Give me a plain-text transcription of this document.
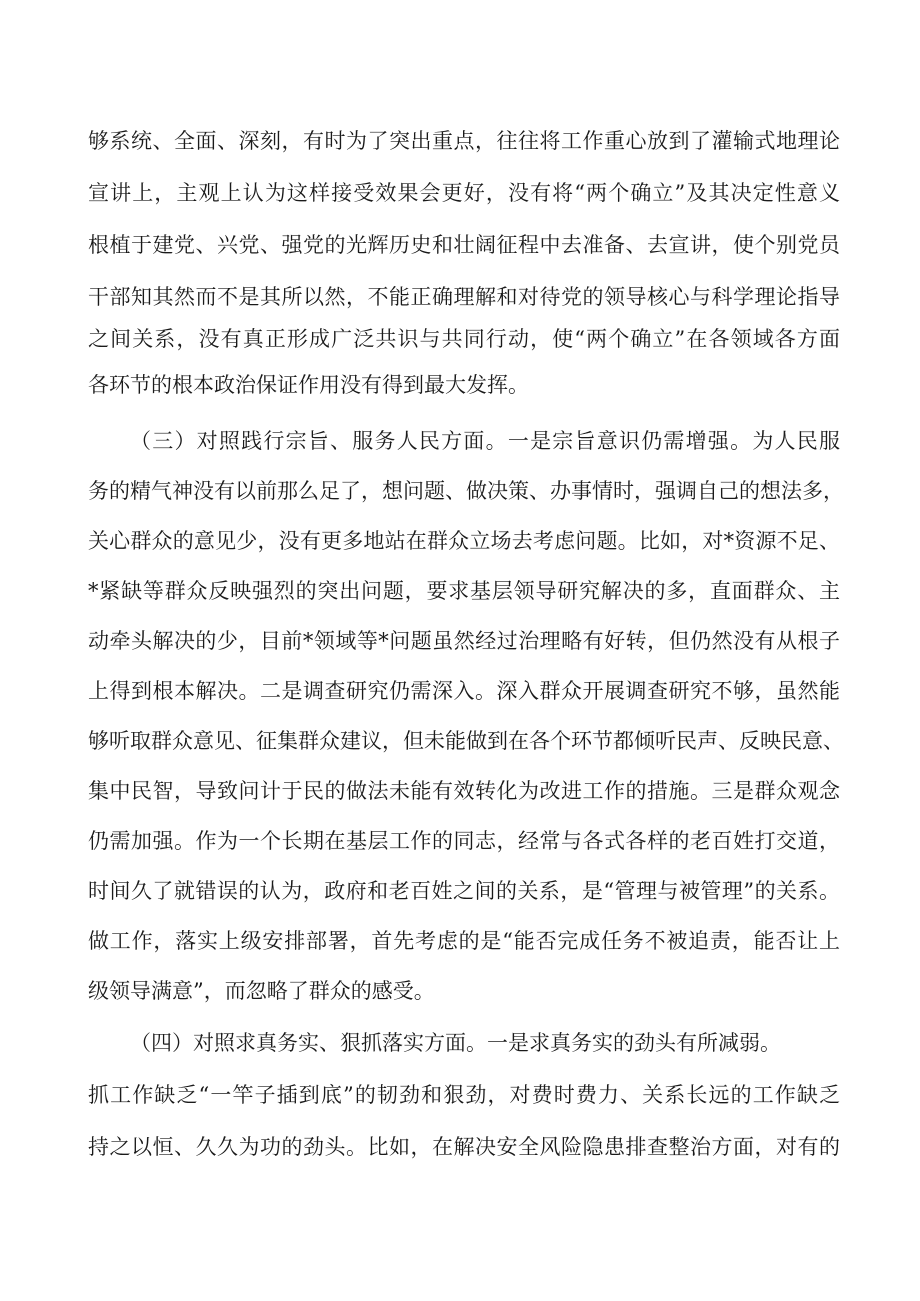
够系统、全面、深刻，有时为了突出重点，往往将工作重心放到了灌输式地理论
宣讲上，主观上认为这样接受效果会更好，没有将“两个确立”及其决定性意义
根植于建党、兴党、强党的光辉历史和壮阔征程中去准备、去宣讲，使个别党员
干部知其然而不是其所以然，不能正确理解和对待党的领导核心与科学理论指导
之间关系，没有真正形成广泛共识与共同行动，使“两个确立”在各领域各方面
各环节的根本政治保证作用没有得到最大发挥。
（三）对照践行宗旨、服务人民方面。一是宗旨意识仍需增强。为人民服
务的精气神没有以前那么足了，想问题、做决策、办事情时，强调自己的想法多，
关心群众的意见少，没有更多地站在群众立场去考虑问题。比如，对*资源不足、
*紧缺等群众反映强烈的突出问题，要求基层领导研究解决的多，直面群众、主
动牵头解决的少，目前*领域等*问题虽然经过治理略有好转，但仍然没有从根子
上得到根本解决。二是调查研究仍需深入。深入群众开展调查研究不够，虽然能
够听取群众意见、征集群众建议，但未能做到在各个环节都倾听民声、反映民意、
集中民智，导致问计于民的做法未能有效转化为改进工作的措施。三是群众观念
仍需加强。作为一个长期在基层工作的同志，经常与各式各样的老百姓打交道，
时间久了就错误的认为，政府和老百姓之间的关系，是“管理与被管理”的关系。
做工作，落实上级安排部署，首先考虑的是“能否完成任务不被追责，能否让上
级领导满意”，而忽略了群众的感受。
（四）对照求真务实、狠抓落实方面。一是求真务实的劲头有所减弱。
抓工作缺乏“一竿子插到底”的韧劲和狠劲，对费时费力、关系长远的工作缺乏
持之以恒、久久为功的劲头。比如，在解决安全风险隐患排查整治方面，对有的
